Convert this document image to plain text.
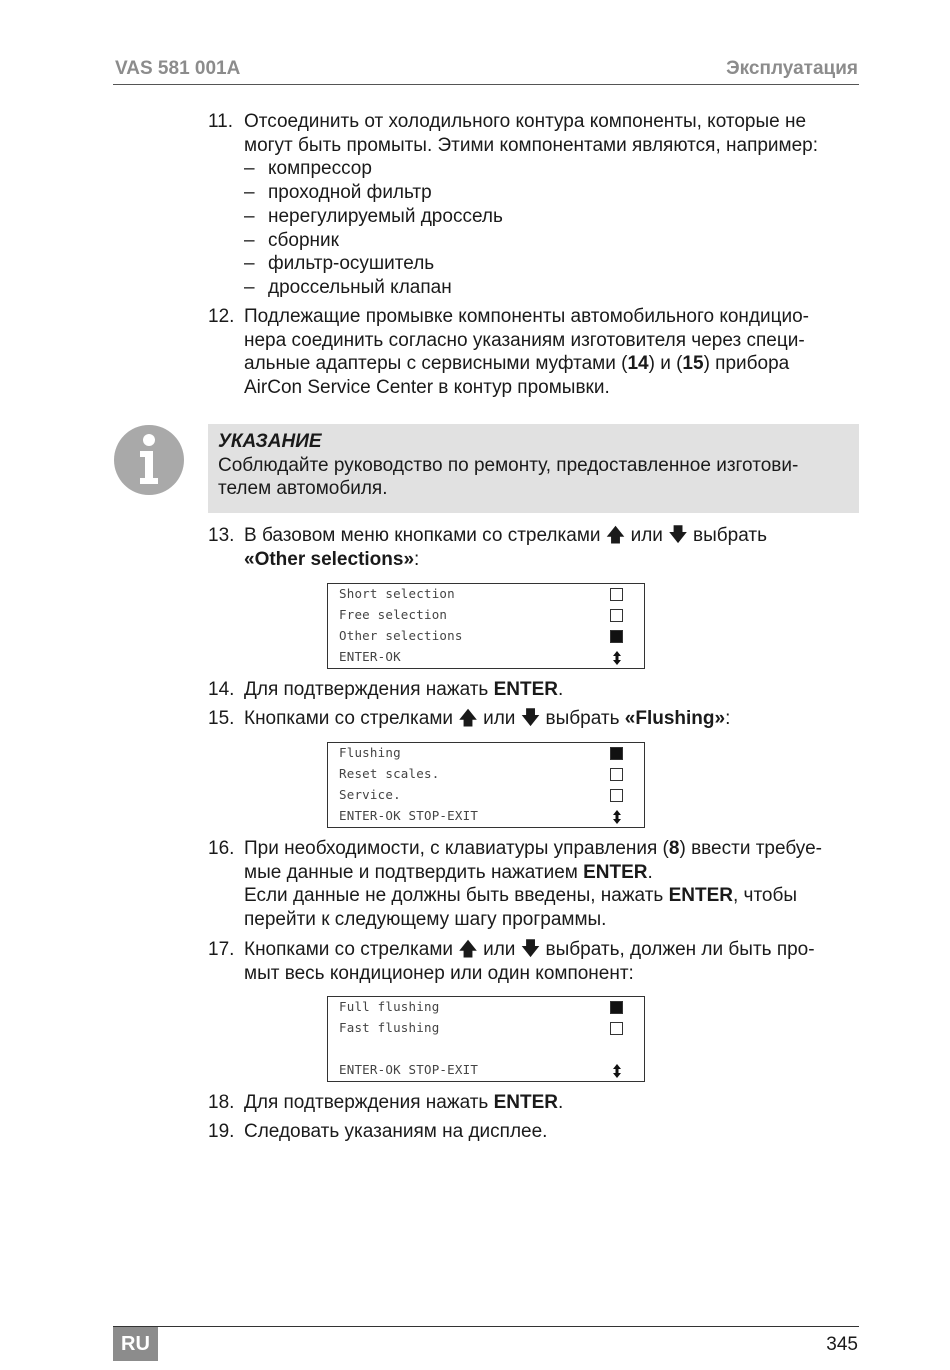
VAS 581 001A	Эксплуатация
11. Отсоединить от холодильного контура компоненты, которые не
могут быть промыты. Этими компонентами являются, например:
– компрессор
– проходной фильтр
– нерегулируемый дроссель
– сборник
– фильтр-осушитель
– дроссельный клапан
12. Подлежащие промывке компоненты автомобильного кондицио-
нера соединить согласно указаниям изготовителя через специ-
альные адаптеры с сервисными муфтами (14) и (15) прибора
AirCon Service Center в контур промывки.
УКАЗАНИЕ
Соблюдайте руководство по ремонту, предоставленное изготови-
телем автомобиля.
13. В базовом меню кнопками со стрелками 🡅 или 🡇 выбрать
«Other selections»:
Short selection
Free selection
Other selections
ENTER-OK
14. Для подтверждения нажать ENTER.
15. Кнопками со стрелками 🡅 или 🡇 выбрать «Flushing»:
Flushing
Reset scales.
Service.
ENTER-OK STOP-EXIT
16. При необходимости, с клавиатуры управления (8) ввести требуе-
мые данные и подтвердить нажатием ENTER.
Если данные не должны быть введены, нажать ENTER, чтобы
перейти к следующему шагу программы.
17. Кнопками со стрелками 🡅 или 🡇 выбрать, должен ли быть про-
мыт весь кондиционер или один компонент:
Full flushing
Fast flushing
ENTER-OK STOP-EXIT
18. Для подтверждения нажать ENTER.
19. Следовать указаниям на дисплее.
RU	345
